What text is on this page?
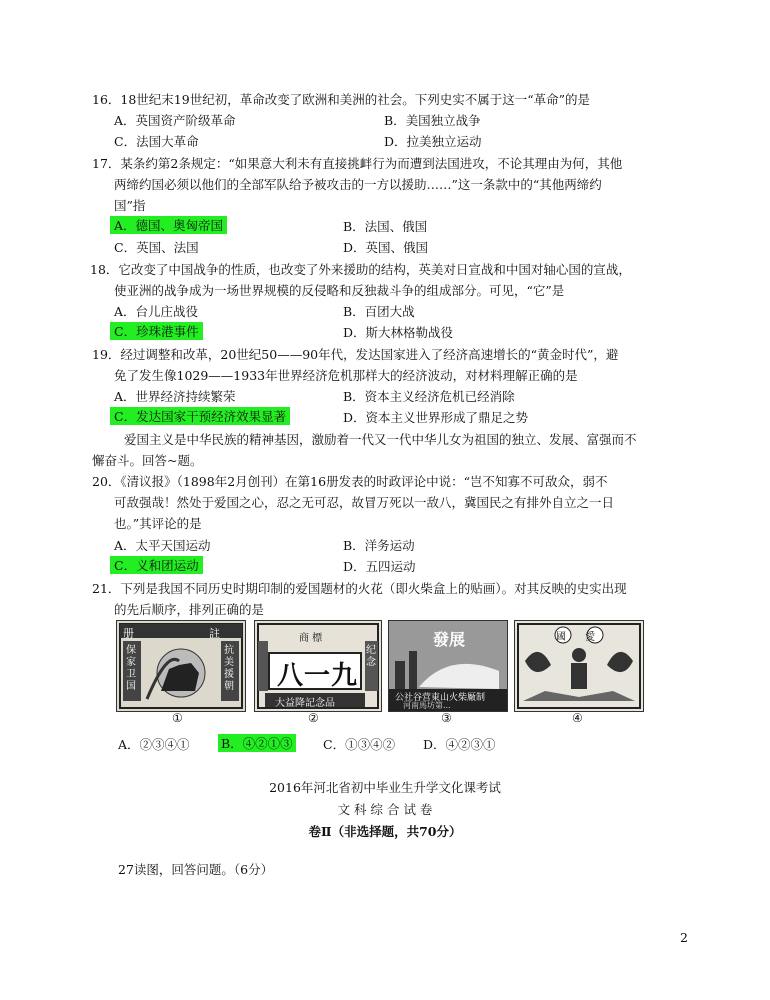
16．18世纪末19世纪初，革命改变了欧洲和美洲的社会。下列史实不属于这一“革命”的是
A．英国资产阶级革命	B．美国独立战争
C．法国大革命	D．拉美独立运动
17．某条约第2条规定：“如果意大利未有直接挑衅行为而遭到法国进攻，不论其理由为何，其他
两缔约国必须以他们的全部军队给予被攻击的一方以援助……”这一条款中的“其他两缔约
国”指
A．德国、奥匈帝国	B．法国、俄国
C．英国、法国	D．英国、俄国
18．它改变了中国战争的性质，也改变了外来援助的结构，英美对日宣战和中国对轴心国的宣战，
使亚洲的战争成为一场世界规模的反侵略和反独裁斗争的组成部分。可见，“它”是
A．台儿庄战役	B．百团大战
C．珍珠港事件	D．斯大林格勒战役
19．经过调整和改革，20世纪50——90年代，发达国家进入了经济高速增长的“黄金时代”，避
免了发生像1029——1933年世界经济危机那样大的经济波动，对材料理解正确的是
A．世界经济持续繁荣	B．资本主义经济危机已经消除
C．发达国家干预经济效果显著	D．资本主义世界形成了鼎足之势
爱国主义是中华民族的精神基因，激励着一代又一代中华儿女为祖国的独立、发展、富强而不
懈奋斗。回答~题。
20．《清议报》（1898年2月创刊）在第16册发表的时政评论中说：“岂不知寡不可敌众，弱不
可敌强哉！然处于爱国之心，忍之无可忍，故冒万死以一敌八，冀国民之有排外自立之一日
也。”其评论的是
A．太平天国运动	B．洋务运动
C．义和团运动	D．五四运动
21．下列是我国不同历史时期印制的爱国题材的火花（即火柴盒上的贴画）。对其反映的史实出现
的先后顺序，排列正确的是
册	註
保家卫国
抗美援朝
①
商 標
八一九
纪念
大益降記念品
②
發展
公社谷营東山火柴厰制
河南馬坊第...
③
國 愛
④
A．②③④①	B．④②①③ C．①③④② D．④②③①
2016年河北省初中毕业生升学文化课考试
文 科 综 合 试 卷
卷Ⅱ（非选择题，共70分）
27读图，回答问题。（6分）
2
